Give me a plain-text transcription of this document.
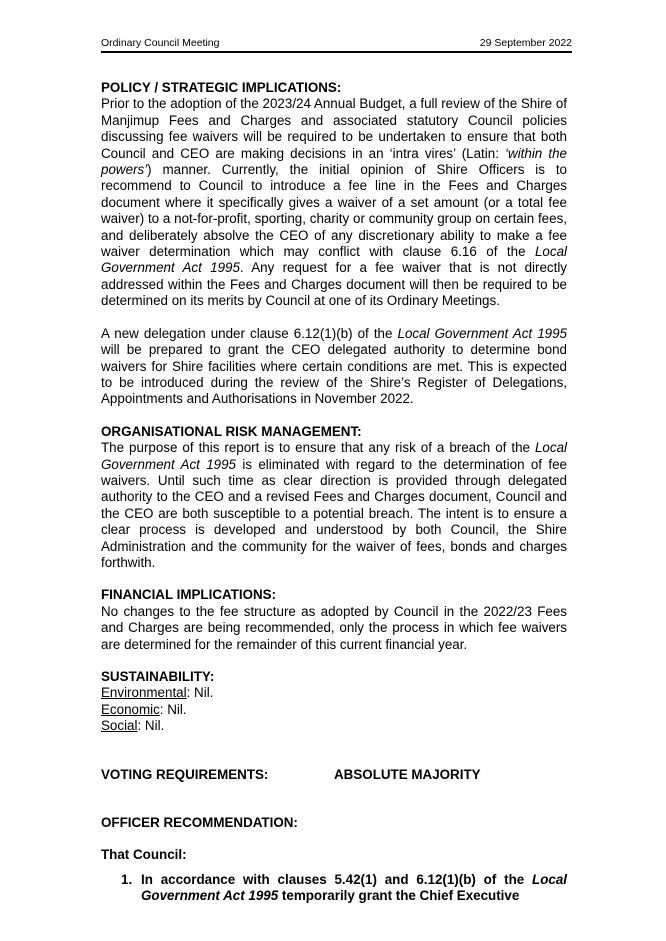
Ordinary Council Meeting	29 September 2022

POLICY / STRATEGIC IMPLICATIONS:

Prior to the adoption of the 2023/24 Annual Budget, a full review of the Shire of Manjimup Fees and Charges and associated statutory Council policies discussing fee waivers will be required to be undertaken to ensure that both Council and CEO are making decisions in an ‘intra vires’ (Latin: ‘within the powers’) manner. Currently, the initial opinion of Shire Officers is to recommend to Council to introduce a fee line in the Fees and Charges document where it specifically gives a waiver of a set amount (or a total fee waiver) to a not-for-profit, sporting, charity or community group on certain fees, and deliberately absolve the CEO of any discretionary ability to make a fee waiver determination which may conflict with clause 6.16 of the Local Government Act 1995. Any request for a fee waiver that is not directly addressed within the Fees and Charges document will then be required to be determined on its merits by Council at one of its Ordinary Meetings.

A new delegation under clause 6.12(1)(b) of the Local Government Act 1995 will be prepared to grant the CEO delegated authority to determine bond waivers for Shire facilities where certain conditions are met. This is expected to be introduced during the review of the Shire’s Register of Delegations, Appointments and Authorisations in November 2022.

ORGANISATIONAL RISK MANAGEMENT:

The purpose of this report is to ensure that any risk of a breach of the Local Government Act 1995 is eliminated with regard to the determination of fee waivers. Until such time as clear direction is provided through delegated authority to the CEO and a revised Fees and Charges document, Council and the CEO are both susceptible to a potential breach. The intent is to ensure a clear process is developed and understood by both Council, the Shire Administration and the community for the waiver of fees, bonds and charges forthwith.

FINANCIAL IMPLICATIONS:

No changes to the fee structure as adopted by Council in the 2022/23 Fees and Charges are being recommended, only the process in which fee waivers are determined for the remainder of this current financial year.

SUSTAINABILITY:

Environmental: Nil.
Economic: Nil.
Social: Nil.
VOTING REQUIREMENTS:	ABSOLUTE MAJORITY

OFFICER RECOMMENDATION:

That Council:

1. In accordance with clauses 5.42(1) and 6.12(1)(b) of the Local Government Act 1995 temporarily grant the Chief Executive
